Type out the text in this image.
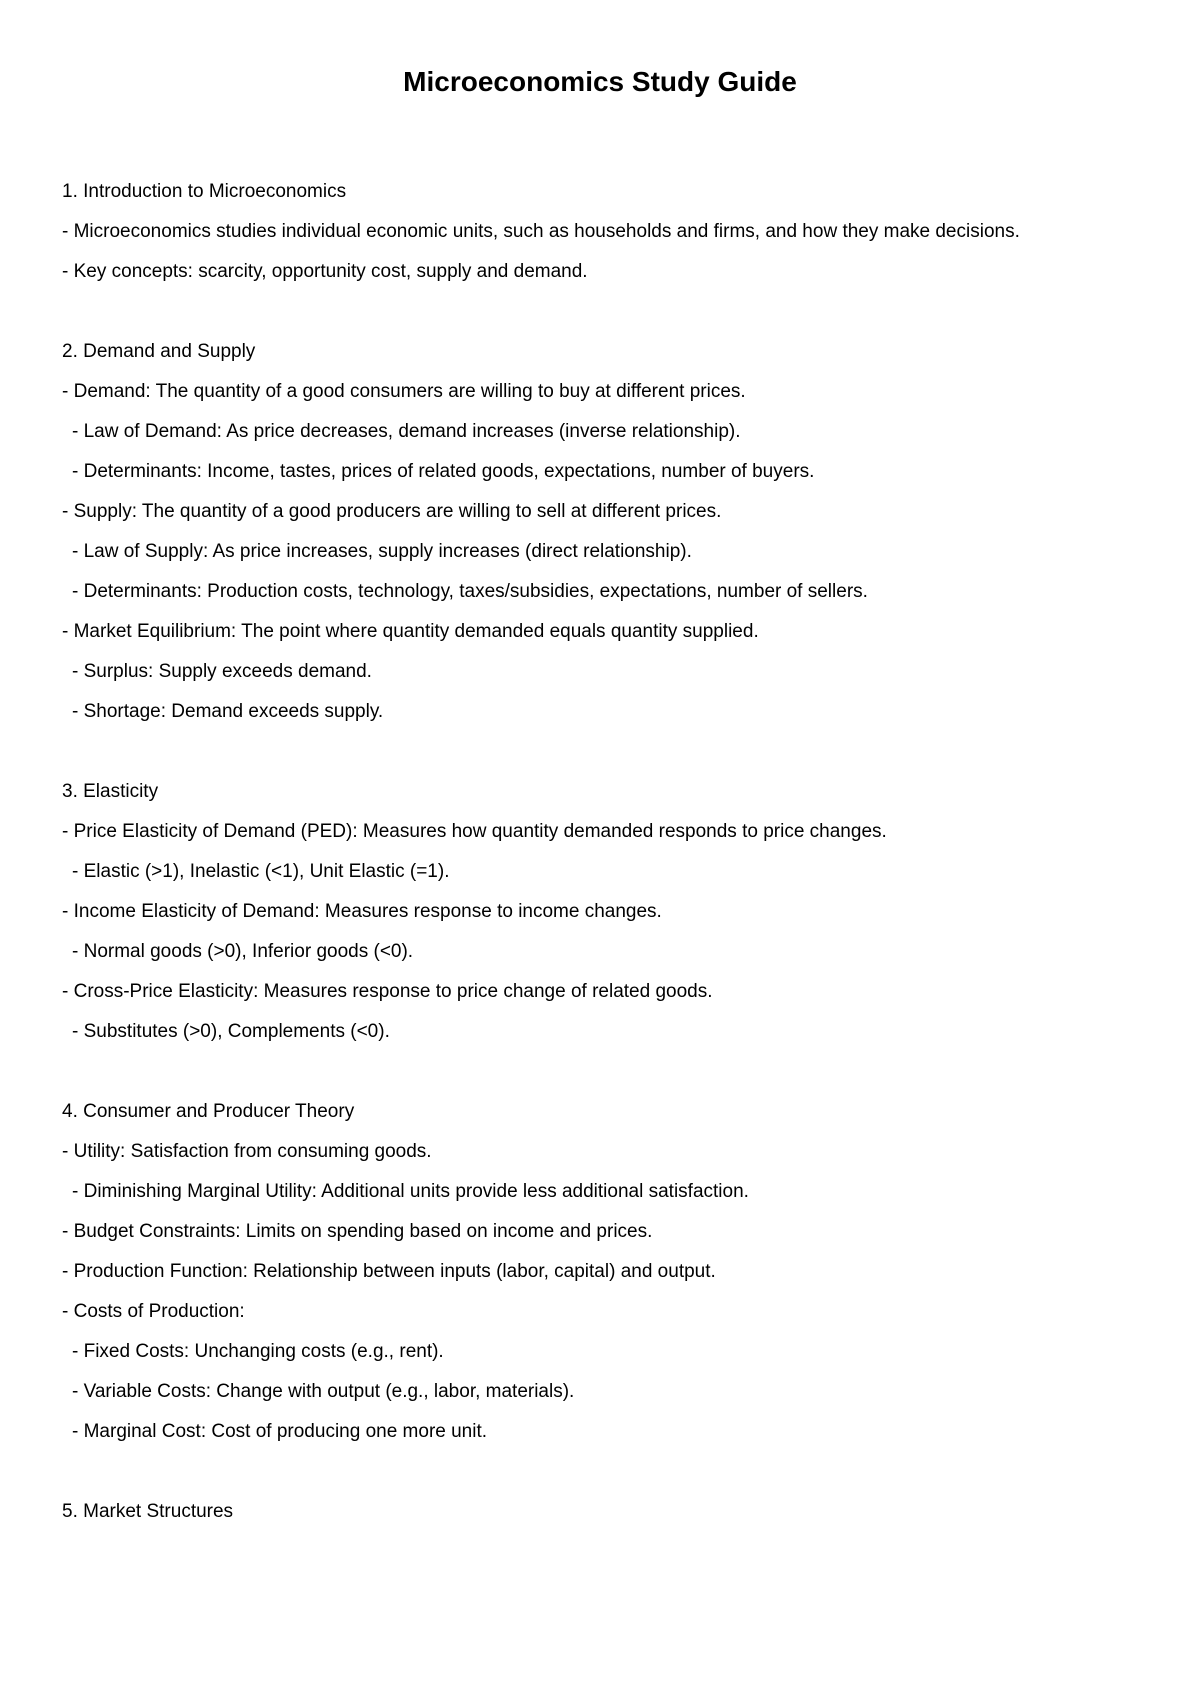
Microeconomics Study Guide
1. Introduction to Microeconomics
- Microeconomics studies individual economic units, such as households and firms, and how they make decisions.
- Key concepts: scarcity, opportunity cost, supply and demand.
2. Demand and Supply
- Demand: The quantity of a good consumers are willing to buy at different prices.
- Law of Demand: As price decreases, demand increases (inverse relationship).
- Determinants: Income, tastes, prices of related goods, expectations, number of buyers.
- Supply: The quantity of a good producers are willing to sell at different prices.
- Law of Supply: As price increases, supply increases (direct relationship).
- Determinants: Production costs, technology, taxes/subsidies, expectations, number of sellers.
- Market Equilibrium: The point where quantity demanded equals quantity supplied.
- Surplus: Supply exceeds demand.
- Shortage: Demand exceeds supply.
3. Elasticity
- Price Elasticity of Demand (PED): Measures how quantity demanded responds to price changes.
- Elastic (>1), Inelastic (<1), Unit Elastic (=1).
- Income Elasticity of Demand: Measures response to income changes.
- Normal goods (>0), Inferior goods (<0).
- Cross-Price Elasticity: Measures response to price change of related goods.
- Substitutes (>0), Complements (<0).
4. Consumer and Producer Theory
- Utility: Satisfaction from consuming goods.
- Diminishing Marginal Utility: Additional units provide less additional satisfaction.
- Budget Constraints: Limits on spending based on income and prices.
- Production Function: Relationship between inputs (labor, capital) and output.
- Costs of Production:
- Fixed Costs: Unchanging costs (e.g., rent).
- Variable Costs: Change with output (e.g., labor, materials).
- Marginal Cost: Cost of producing one more unit.
5. Market Structures
